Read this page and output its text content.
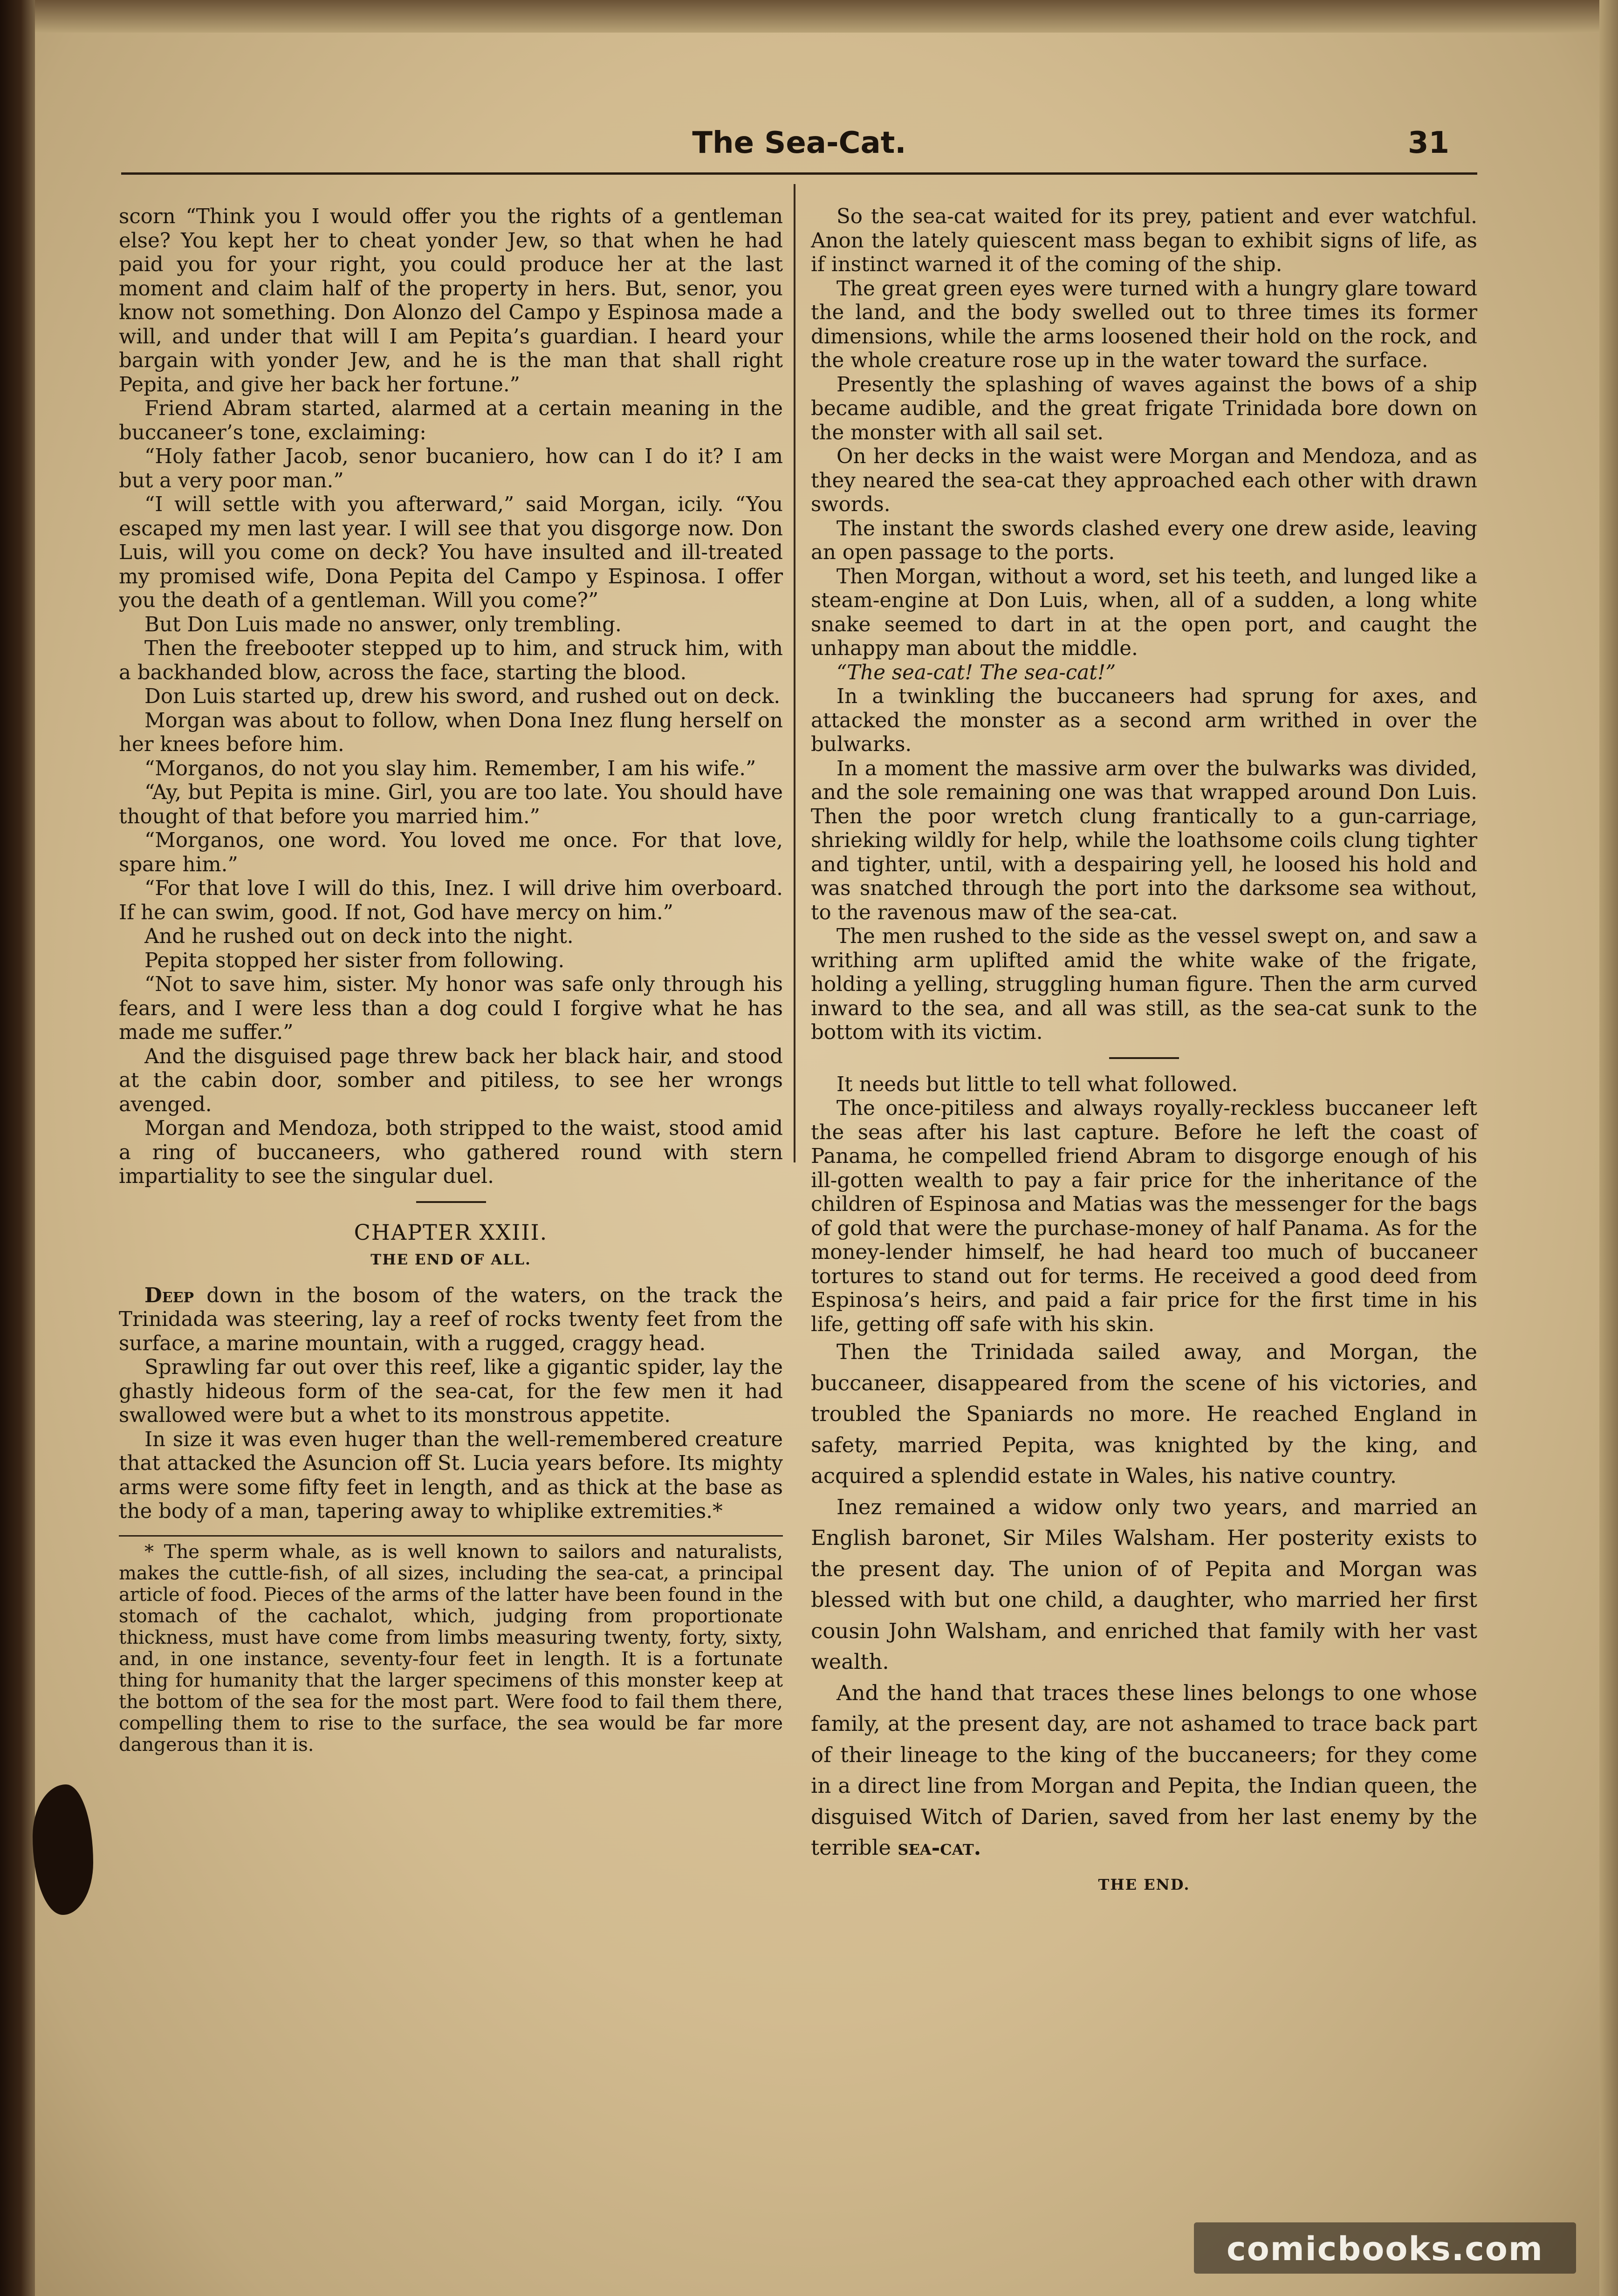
The Sea-Cat.	31

scorn “Think you I would offer you the rights of a gentleman else? You kept her to cheat yonder Jew, so that when he had paid you for your right, you could produce her at the last moment and claim half of the property in hers. But, senor, you know not something. Don Alonzo del Campo y Espinosa made a will, and under that will I am Pepita’s guardian. I heard your bargain with yonder Jew, and he is the man that shall right Pepita, and give her back her fortune.”

Friend Abram started, alarmed at a certain meaning in the buccaneer’s tone, exclaiming:

“Holy father Jacob, senor bucaniero, how can I do it? I am but a very poor man.”

“I will settle with you afterward,” said Morgan, icily. “You escaped my men last year. I will see that you disgorge now. Don Luis, will you come on deck? You have insulted and ill-treated my promised wife, Dona Pepita del Campo y Espinosa. I offer you the death of a gentleman. Will you come?”

But Don Luis made no answer, only trembling.

Then the freebooter stepped up to him, and struck him, with a backhanded blow, across the face, starting the blood.

Don Luis started up, drew his sword, and rushed out on deck.

Morgan was about to follow, when Dona Inez flung herself on her knees before him.

“Morganos, do not you slay him. Remember, I am his wife.”

“Ay, but Pepita is mine. Girl, you are too late. You should have thought of that before you married him.”

“Morganos, one word. You loved me once. For that love, spare him.”

“For that love I will do this, Inez. I will drive him overboard. If he can swim, good. If not, God have mercy on him.”

And he rushed out on deck into the night.

Pepita stopped her sister from following.

“Not to save him, sister. My honor was safe only through his fears, and I were less than a dog could I forgive what he has made me suffer.”

And the disguised page threw back her black hair, and stood at the cabin door, somber and pitiless, to see her wrongs avenged.

Morgan and Mendoza, both stripped to the waist, stood amid a ring of buccaneers, who gathered round with stern impartiality to see the singular duel.

CHAPTER XXIII.
THE END OF ALL.

Deep down in the bosom of the waters, on the track the Trinidada was steering, lay a reef of rocks twenty feet from the surface, a marine mountain, with a rugged, craggy head.

Sprawling far out over this reef, like a gigantic spider, lay the ghastly hideous form of the sea-cat, for the few men it had swallowed were but a whet to its monstrous appetite.

In size it was even huger than the well-remembered creature that attacked the Asuncion off St. Lucia years before. Its mighty arms were some fifty feet in length, and as thick at the base as the body of a man, tapering away to whiplike extremities.*

* The sperm whale, as is well known to sailors and naturalists, makes the cuttle-fish, of all sizes, including the sea-cat, a principal article of food. Pieces of the arms of the latter have been found in the stomach of the cachalot, which, judging from proportionate thickness, must have come from limbs measuring twenty, forty, sixty, and, in one instance, seventy-four feet in length. It is a fortunate thing for humanity that the larger specimens of this monster keep at the bottom of the sea for the most part. Were food to fail them there, compelling them to rise to the surface, the sea would be far more dangerous than it is.

So the sea-cat waited for its prey, patient and ever watchful. Anon the lately quiescent mass began to exhibit signs of life, as if instinct warned it of the coming of the ship.

The great green eyes were turned with a hungry glare toward the land, and the body swelled out to three times its former dimensions, while the arms loosened their hold on the rock, and the whole creature rose up in the water toward the surface.

Presently the splashing of waves against the bows of a ship became audible, and the great frigate Trinidada bore down on the monster with all sail set.

On her decks in the waist were Morgan and Mendoza, and as they neared the sea-cat they approached each other with drawn swords.

The instant the swords clashed every one drew aside, leaving an open passage to the ports.

Then Morgan, without a word, set his teeth, and lunged like a steam-engine at Don Luis, when, all of a sudden, a long white snake seemed to dart in at the open port, and caught the unhappy man about the middle.

“The sea-cat! The sea-cat!”

In a twinkling the buccaneers had sprung for axes, and attacked the monster as a second arm writhed in over the bulwarks.

In a moment the massive arm over the bulwarks was divided, and the sole remaining one was that wrapped around Don Luis. Then the poor wretch clung frantically to a gun-carriage, shrieking wildly for help, while the loathsome coils clung tighter and tighter, until, with a despairing yell, he loosed his hold and was snatched through the port into the darksome sea without, to the ravenous maw of the sea-cat.

The men rushed to the side as the vessel swept on, and saw a writhing arm uplifted amid the white wake of the frigate, holding a yelling, struggling human figure. Then the arm curved inward to the sea, and all was still, as the sea-cat sunk to the bottom with its victim.

It needs but little to tell what followed.

The once-pitiless and always royally-reckless buccaneer left the seas after his last capture. Before he left the coast of Panama, he compelled friend Abram to disgorge enough of his ill-gotten wealth to pay a fair price for the inheritance of the children of Espinosa and Matias was the messenger for the bags of gold that were the purchase-money of half Panama. As for the money-lender himself, he had heard too much of buccaneer tortures to stand out for terms. He received a good deed from Espinosa’s heirs, and paid a fair price for the first time in his life, getting off safe with his skin.

Then the Trinidada sailed away, and Morgan, the buccaneer, disappeared from the scene of his victories, and troubled the Spaniards no more. He reached England in safety, married Pepita, was knighted by the king, and acquired a splendid estate in Wales, his native country.

Inez remained a widow only two years, and married an English baronet, Sir Miles Walsham. Her posterity exists to the present day. The union of of Pepita and Morgan was blessed with but one child, a daughter, who married her first cousin John Walsham, and enriched that family with her vast wealth.

And the hand that traces these lines belongs to one whose family, at the present day, are not ashamed to trace back part of their lineage to the king of the buccaneers; for they come in a direct line from Morgan and Pepita, the Indian queen, the disguised Witch of Darien, saved from her last enemy by the terrible sea-cat.

THE END.
comicbooks.com
